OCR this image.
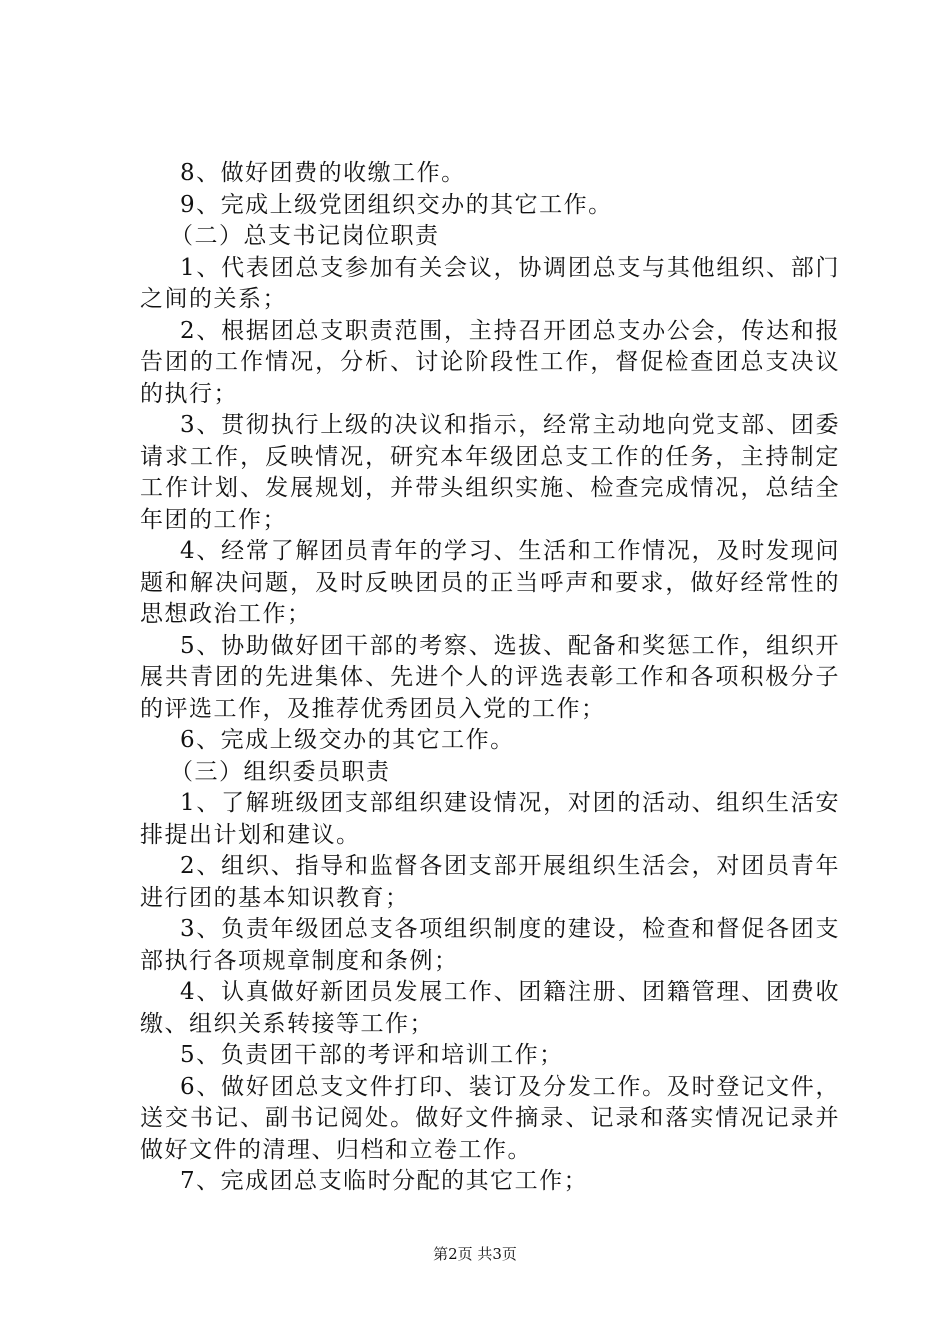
8、做好团费的收缴工作。

9、完成上级党团组织交办的其它工作。

（二）总支书记岗位职责

1、代表团总支参加有关会议，协调团总支与其他组织、部门之间的关系；

2、根据团总支职责范围，主持召开团总支办公会，传达和报告团的工作情况，分析、讨论阶段性工作，督促检查团总支决议的执行；

3、贯彻执行上级的决议和指示，经常主动地向党支部、团委请求工作，反映情况，研究本年级团总支工作的任务，主持制定工作计划、发展规划，并带头组织实施、检查完成情况，总结全年团的工作；

4、经常了解团员青年的学习、生活和工作情况，及时发现问题和解决问题，及时反映团员的正当呼声和要求，做好经常性的思想政治工作；

5、协助做好团干部的考察、选拔、配备和奖惩工作，组织开展共青团的先进集体、先进个人的评选表彰工作和各项积极分子的评选工作，及推荐优秀团员入党的工作；

6、完成上级交办的其它工作。

（三）组织委员职责

1、了解班级团支部组织建设情况，对团的活动、组织生活安排提出计划和建议。

2、组织、指导和监督各团支部开展组织生活会，对团员青年进行团的基本知识教育；

3、负责年级团总支各项组织制度的建设，检查和督促各团支部执行各项规章制度和条例；

4、认真做好新团员发展工作、团籍注册、团籍管理、团费收缴、组织关系转接等工作；

5、负责团干部的考评和培训工作；

6、做好团总支文件打印、装订及分发工作。及时登记文件，送交书记、副书记阅处。做好文件摘录、记录和落实情况记录并做好文件的清理、归档和立卷工作。

7、完成团总支临时分配的其它工作；

第2页 共3页
